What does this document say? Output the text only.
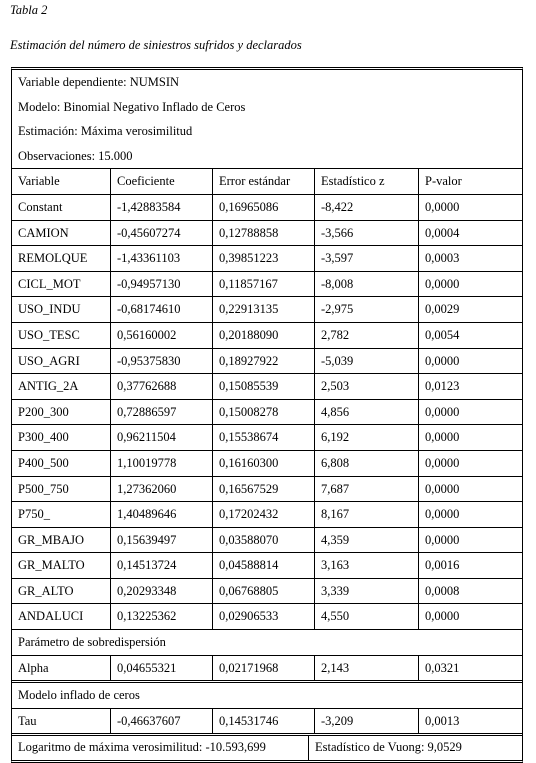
Tabla 2
Estimación del número de siniestros sufridos y declarados
Variable dependiente: NUMSIN
Modelo: Binomial Negativo Inflado de Ceros
Estimación: Máxima verosimilitud
Observaciones: 15.000
Variable	Coeficiente	Error estándar	Estadístico z	P-valor
Constant	-1,42883584	0,16965086	-8,422	0,0000
CAMION	-0,45607274	0,12788858	-3,566	0,0004
REMOLQUE	-1,43361103	0,39851223	-3,597	0,0003
CICL_MOT	-0,94957130	0,11857167	-8,008	0,0000
USO_INDU	-0,68174610	0,22913135	-2,975	0,0029
USO_TESC	0,56160002	0,20188090	2,782	0,0054
USO_AGRI	-0,95375830	0,18927922	-5,039	0,0000
ANTIG_2A	0,37762688	0,15085539	2,503	0,0123
P200_300	0,72886597	0,15008278	4,856	0,0000
P300_400	0,96211504	0,15538674	6,192	0,0000
P400_500	1,10019778	0,16160300	6,808	0,0000
P500_750	1,27362060	0,16567529	7,687	0,0000
P750_	1,40489646	0,17202432	8,167	0,0000
GR_MBAJO	0,15639497	0,03588070	4,359	0,0000
GR_MALTO	0,14513724	0,04588814	3,163	0,0016
GR_ALTO	0,20293348	0,06768805	3,339	0,0008
ANDALUCI	0,13225362	0,02906533	4,550	0,0000
Parámetro de sobredispersión
Alpha	0,04655321	0,02171968	2,143	0,0321
Modelo inflado de ceros
Tau	-0,46637607	0,14531746	-3,209	0,0013
Logaritmo de máxima verosimilitud: -10.593,699	Estadístico de Vuong: 9,0529
